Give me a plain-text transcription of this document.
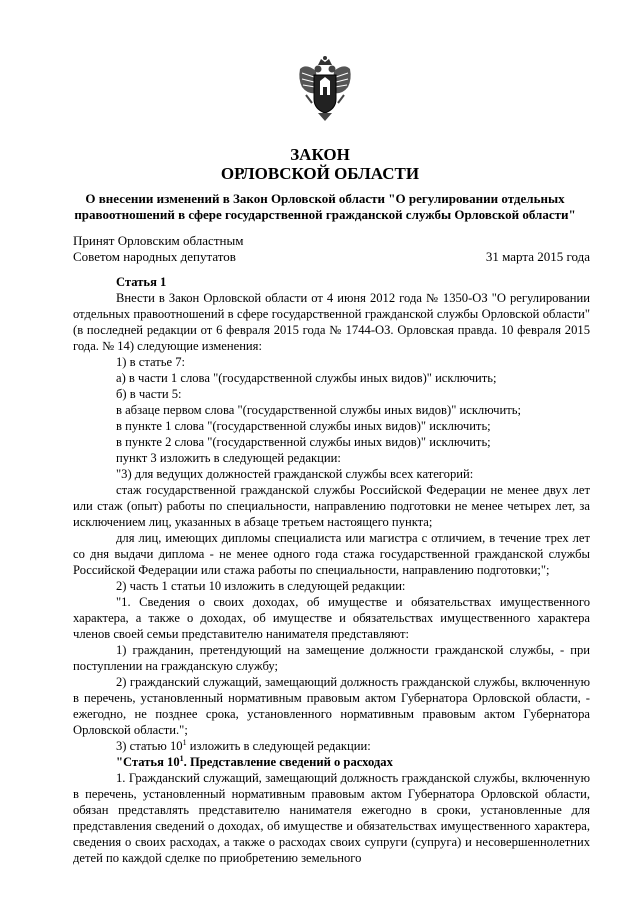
ЗАКОН
ОРЛОВСКОЙ ОБЛАСТИ
О внесении изменений в Закон Орловской области "О регулировании отдельных
правоотношений в сфере государственной гражданской службы Орловской области"
Принят Орловским областным
Советом народных депутатов	31 марта 2015 года

Статья 1

Внести в Закон Орловской области от 4 июня 2012 года № 1350-ОЗ "О регулировании отдельных правоотношений в сфере государственной гражданской службы Орловской области" (в последней редакции от 6 февраля 2015 года № 1744-ОЗ. Орловская правда. 10 февраля 2015 года. № 14) следующие изменения:

1) в статье 7:

а) в части 1 слова "(государственной службы иных видов)" исключить;

б) в части 5:

в абзаце первом слова "(государственной службы иных видов)" исключить;

в пункте 1 слова "(государственной службы иных видов)" исключить;

в пункте 2 слова "(государственной службы иных видов)" исключить;

пункт 3 изложить в следующей редакции:

"3) для ведущих должностей гражданской службы всех категорий:

стаж государственной гражданской службы Российской Федерации не менее двух лет или стаж (опыт) работы по специальности, направлению подготовки не менее четырех лет, за исключением лиц, указанных в абзаце третьем настоящего пункта;

для лиц, имеющих дипломы специалиста или магистра с отличием, в течение трех лет со дня выдачи диплома - не менее одного года стажа государственной гражданской службы Российской Федерации или стажа работы по специальности, направлению подготовки;";

2) часть 1 статьи 10 изложить в следующей редакции:

"1. Сведения о своих доходах, об имуществе и обязательствах имущественного характера, а также о доходах, об имуществе и обязательствах имущественного характера членов своей семьи представителю нанимателя представляют:

1) гражданин, претендующий на замещение должности гражданской службы, - при поступлении на гражданскую службу;

2) гражданский служащий, замещающий должность гражданской службы, включенную в перечень, установленный нормативным правовым актом Губернатора Орловской области, - ежегодно, не позднее срока, установленного нормативным правовым актом Губернатора Орловской области.";

3) статью $10^1$ изложить в следующей редакции:

"Статья $10^1$. Представление сведений о расходах

1. Гражданский служащий, замещающий должность гражданской службы, включенную в перечень, установленный нормативным правовым актом Губернатора Орловской области, обязан представлять представителю нанимателя ежегодно в сроки, установленные для представления сведений о доходах, об имуществе и обязательствах имущественного характера, сведения о своих расходах, а также о расходах своих супруги (супруга) и несовершеннолетних детей по каждой сделке по приобретению земельного
